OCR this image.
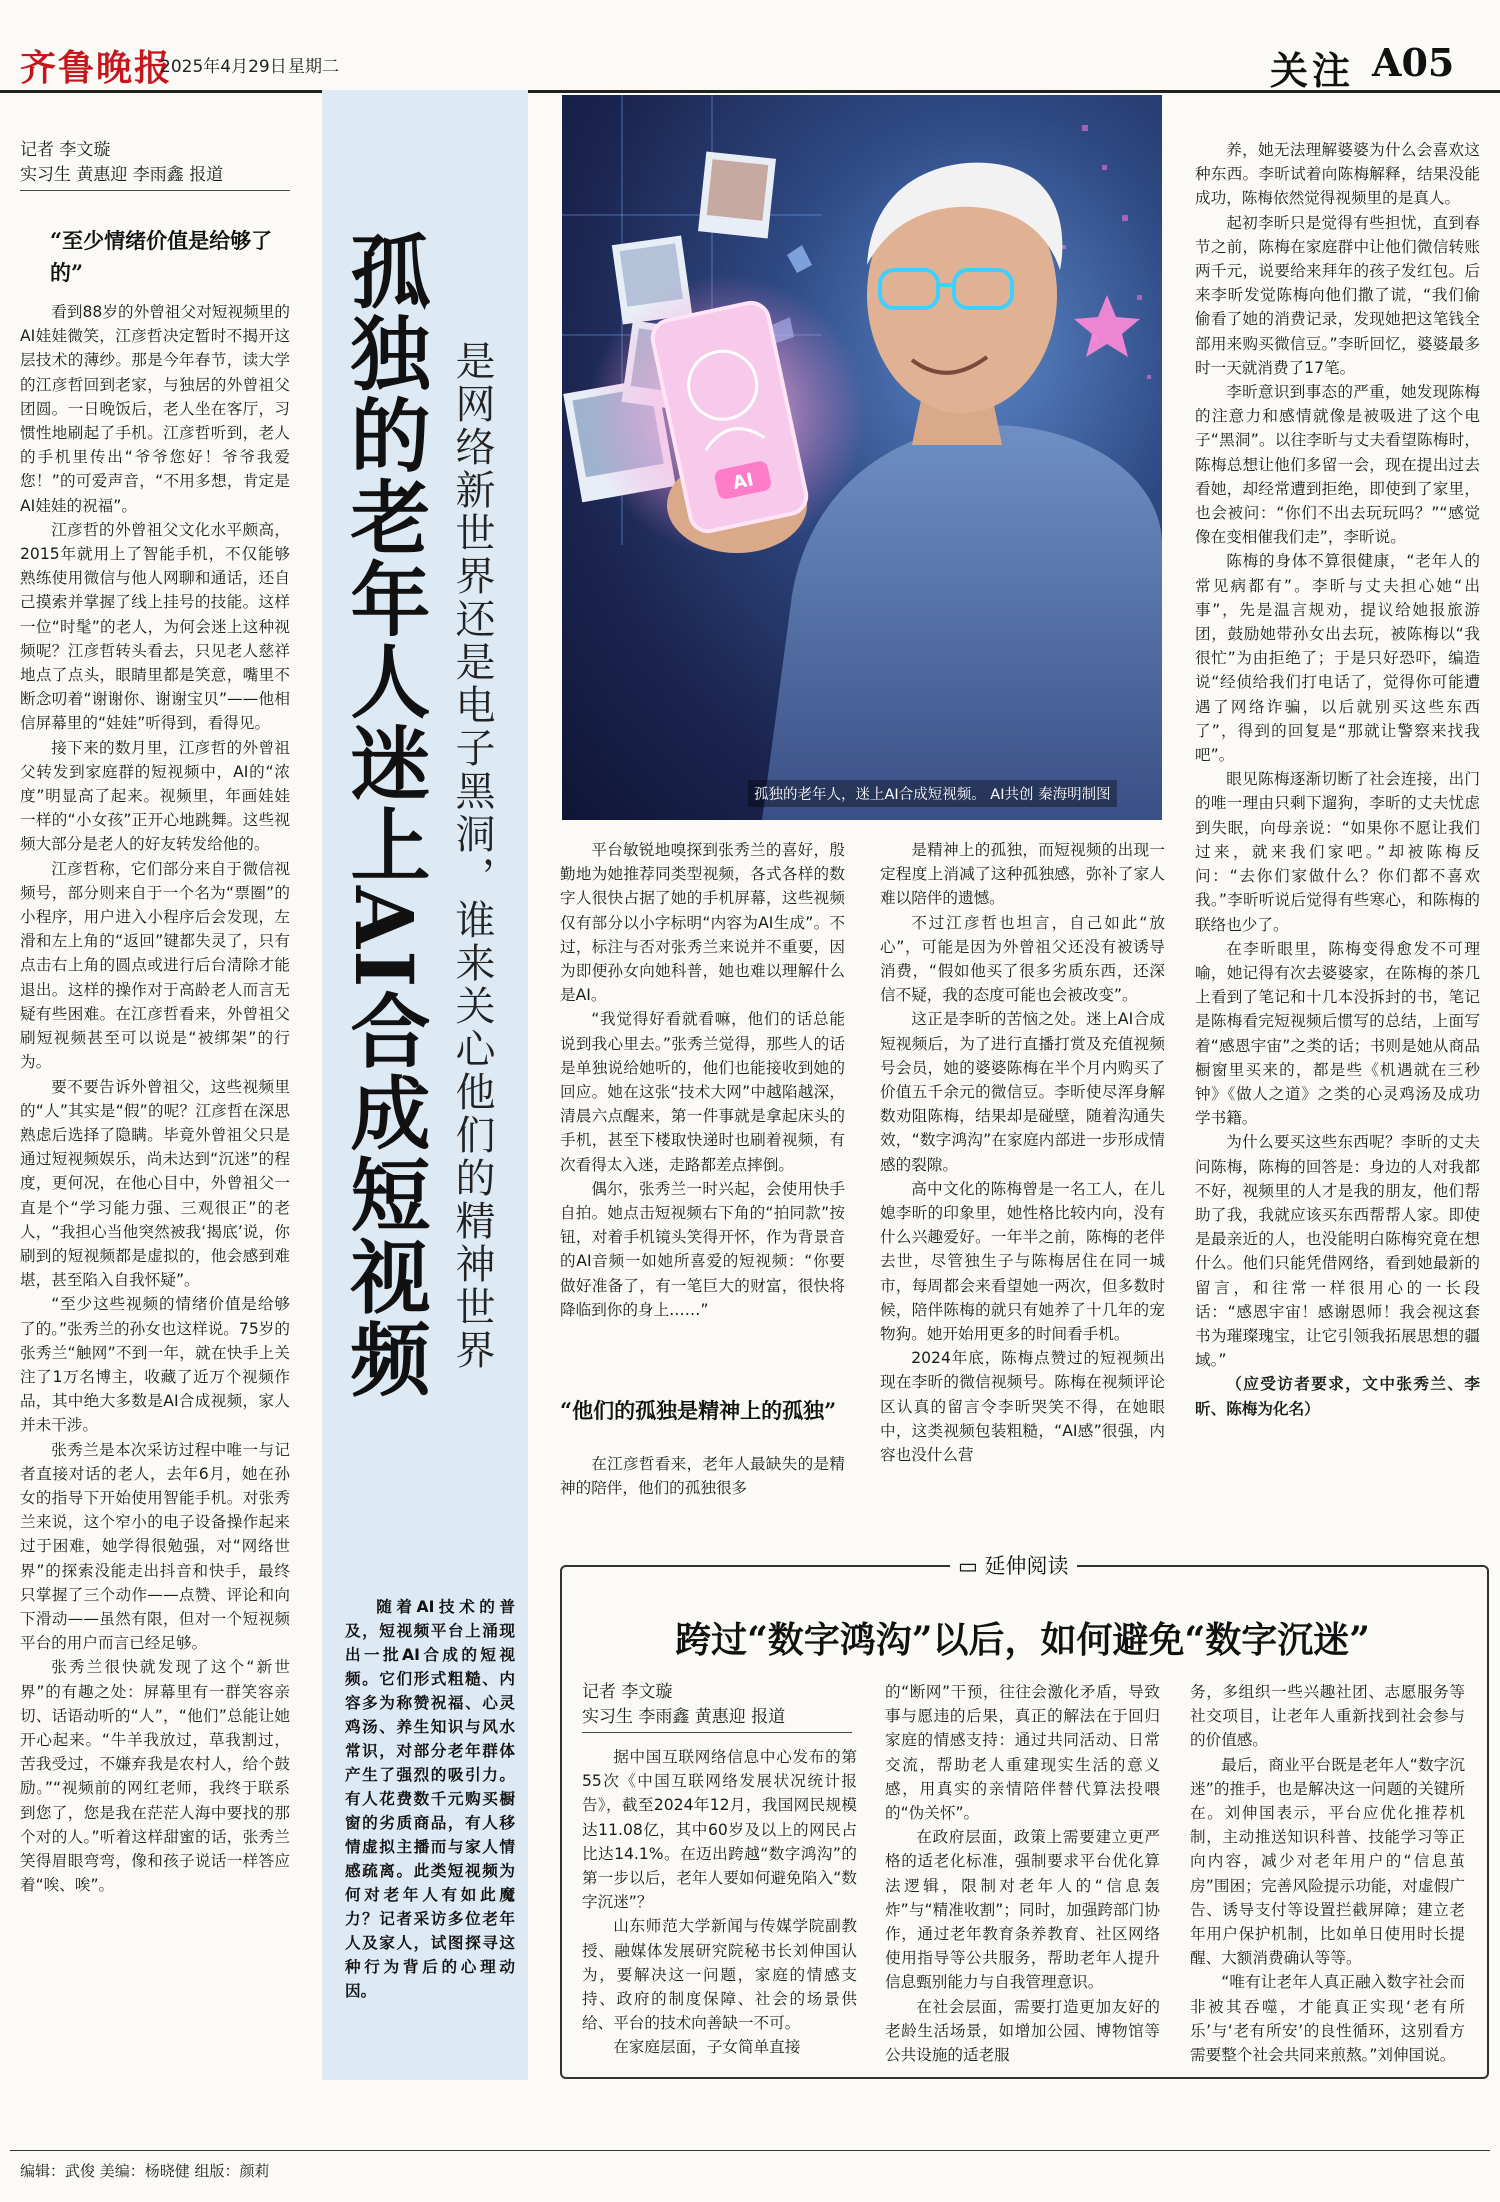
齐鲁晚报
2025年4月29日 星期二	关注 A05
记者 李文璇
实习生 黄惠迎 李雨鑫 报道
“至少情绪价值是给够了的”

看到88岁的外曾祖父对短视频里的AI娃娃微笑，江彦哲决定暂时不揭开这层技术的薄纱。那是今年春节，读大学的江彦哲回到老家，与独居的外曾祖父团圆。一日晚饭后，老人坐在客厅，习惯性地刷起了手机。江彦哲听到，老人的手机里传出“爷爷您好！爷爷我爱您！”的可爱声音，“不用多想，肯定是AI娃娃的祝福”。

江彦哲的外曾祖父文化水平颇高，2015年就用上了智能手机，不仅能够熟练使用微信与他人网聊和通话，还自己摸索并掌握了线上挂号的技能。这样一位“时髦”的老人，为何会迷上这种视频呢？江彦哲转头看去，只见老人慈祥地点了点头，眼睛里都是笑意，嘴里不断念叨着“谢谢你、谢谢宝贝”——他相信屏幕里的“娃娃”听得到，看得见。

接下来的数月里，江彦哲的外曾祖父转发到家庭群的短视频中，AI的“浓度”明显高了起来。视频里，年画娃娃一样的“小女孩”正开心地跳舞。这些视频大部分是老人的好友转发给他的。

江彦哲称，它们部分来自于微信视频号，部分则来自于一个名为“票圈”的小程序，用户进入小程序后会发现，左滑和左上角的“返回”键都失灵了，只有点击右上角的圆点或进行后台清除才能退出。这样的操作对于高龄老人而言无疑有些困难。在江彦哲看来，外曾祖父刷短视频甚至可以说是“被绑架”的行为。

要不要告诉外曾祖父，这些视频里的“人”其实是“假”的呢？江彦哲在深思熟虑后选择了隐瞒。毕竟外曾祖父只是通过短视频娱乐，尚未达到“沉迷”的程度，更何况，在他心目中，外曾祖父一直是个“学习能力强、三观很正”的老人，“我担心当他突然被我‘揭底’说，你刷到的短视频都是虚拟的，他会感到难堪，甚至陷入自我怀疑”。

“至少这些视频的情绪价值是给够了的。”张秀兰的孙女也这样说。75岁的张秀兰“触网”不到一年，就在快手上关注了1万名博主，收藏了近万个视频作品，其中绝大多数是AI合成视频，家人并未干涉。

张秀兰是本次采访过程中唯一与记者直接对话的老人，去年6月，她在孙女的指导下开始使用智能手机。对张秀兰来说，这个窄小的电子设备操作起来过于困难，她学得很勉强，对“网络世界”的探索没能走出抖音和快手，最终只掌握了三个动作——点赞、评论和向下滑动——虽然有限，但对一个短视频平台的用户而言已经足够。

张秀兰很快就发现了这个“新世界”的有趣之处：屏幕里有一群笑容亲切、话语动听的“人”，“他们”总能让她开心起来。“牛羊我放过，草我割过，苦我受过，不嫌弃我是农村人，给个鼓励。”“视频前的网红老师，我终于联系到您了，您是我在茫茫人海中要找的那个对的人。”听着这样甜蜜的话，张秀兰笑得眉眼弯弯，像和孩子说话一样答应着“唉、唉”。

孤独的老年人迷上AI合成短视频 是网络新世界还是电子黑洞，谁来关心他们的精神世界

随着AI技术的普及，短视频平台上涌现出一批AI合成的短视频。它们形式粗糙、内容多为称赞祝福、心灵鸡汤、养生知识与风水常识，对部分老年群体产生了强烈的吸引力。有人花费数千元购买橱窗的劣质商品，有人移情虚拟主播而与家人情感疏离。此类短视频为何对老年人有如此魔力？记者采访多位老年人及家人，试图探寻这种行为背后的心理动因。

AI
孤独的老年人，迷上AI合成短视频。 AI共创 秦海明制图

平台敏锐地嗅探到张秀兰的喜好，殷勤地为她推荐同类型视频，各式各样的数字人很快占据了她的手机屏幕，这些视频仅有部分以小字标明“内容为AI生成”。不过，标注与否对张秀兰来说并不重要，因为即便孙女向她科普，她也难以理解什么是AI。

“我觉得好看就看嘛，他们的话总能说到我心里去。”张秀兰觉得，那些人的话是单独说给她听的，他们也能接收到她的回应。她在这张“技术大网”中越陷越深，清晨六点醒来，第一件事就是拿起床头的手机，甚至下楼取快递时也刷着视频，有次看得太入迷，走路都差点摔倒。

偶尔，张秀兰一时兴起，会使用快手自拍。她点击短视频右下角的“拍同款”按钮，对着手机镜头笑得开怀，作为背景音的AI音频一如她所喜爱的短视频：“你要做好准备了，有一笔巨大的财富，很快将降临到你的身上……”

“他们的孤独是精神上的孤独”

在江彦哲看来，老年人最缺失的是精神的陪伴，他们的孤独很多

是精神上的孤独，而短视频的出现一定程度上消减了这种孤独感，弥补了家人难以陪伴的遗憾。

不过江彦哲也坦言，自己如此“放心”，可能是因为外曾祖父还没有被诱导消费，“假如他买了很多劣质东西，还深信不疑，我的态度可能也会被改变”。

这正是李昕的苦恼之处。迷上AI合成短视频后，为了进行直播打赏及充值视频号会员，她的婆婆陈梅在半个月内购买了价值五千余元的微信豆。李昕使尽浑身解数劝阻陈梅，结果却是碰壁，随着沟通失效，“数字鸿沟”在家庭内部进一步形成情感的裂隙。

高中文化的陈梅曾是一名工人，在儿媳李昕的印象里，她性格比较内向，没有什么兴趣爱好。一年半之前，陈梅的老伴去世，尽管独生子与陈梅居住在同一城市，每周都会来看望她一两次，但多数时候，陪伴陈梅的就只有她养了十几年的宠物狗。她开始用更多的时间看手机。

2024年底，陈梅点赞过的短视频出现在李昕的微信视频号。陈梅在视频评论区认真的留言令李昕哭笑不得，在她眼中，这类视频包装粗糙，“AI感”很强，内容也没什么营

养，她无法理解婆婆为什么会喜欢这种东西。李昕试着向陈梅解释，结果没能成功，陈梅依然觉得视频里的是真人。

起初李昕只是觉得有些担忧，直到春节之前，陈梅在家庭群中让他们微信转账两千元，说要给来拜年的孩子发红包。后来李昕发觉陈梅向他们撒了谎，“我们偷偷看了她的消费记录，发现她把这笔钱全部用来购买微信豆。”李昕回忆，婆婆最多时一天就消费了17笔。

李昕意识到事态的严重，她发现陈梅的注意力和感情就像是被吸进了这个电子“黑洞”。以往李昕与丈夫看望陈梅时，陈梅总想让他们多留一会，现在提出过去看她，却经常遭到拒绝，即使到了家里，也会被问：“你们不出去玩玩吗？”“感觉像在变相催我们走”，李昕说。

陈梅的身体不算很健康，“老年人的常见病都有”。李昕与丈夫担心她“出事”，先是温言规劝，提议给她报旅游团，鼓励她带孙女出去玩，被陈梅以“我很忙”为由拒绝了；于是只好恐吓，编造说“经侦给我们打电话了，觉得你可能遭遇了网络诈骗，以后就别买这些东西了”，得到的回复是“那就让警察来找我吧”。

眼见陈梅逐渐切断了社会连接，出门的唯一理由只剩下遛狗，李昕的丈夫忧虑到失眠，向母亲说：“如果你不愿让我们过来，就来我们家吧。”却被陈梅反问：“去你们家做什么？你们都不喜欢我。”李昕听说后觉得有些寒心，和陈梅的联络也少了。

在李昕眼里，陈梅变得愈发不可理喻，她记得有次去婆婆家，在陈梅的茶几上看到了笔记和十几本没拆封的书，笔记是陈梅看完短视频后惯写的总结，上面写着“感恩宇宙”之类的话；书则是她从商品橱窗里买来的，都是些《机遇就在三秒钟》《做人之道》之类的心灵鸡汤及成功学书籍。

为什么要买这些东西呢？李昕的丈夫问陈梅，陈梅的回答是：身边的人对我都不好，视频里的人才是我的朋友，他们帮助了我，我就应该买东西帮帮人家。即使是最亲近的人，也没能明白陈梅究竟在想什么。他们只能凭借网络，看到她最新的留言，和往常一样很用心的一长段话：“感恩宇宙！感谢恩师！我会视这套书为璀璨瑰宝，让它引领我拓展思想的疆域。”

（应受访者要求，文中张秀兰、李昕、陈梅为化名）

▭ 延伸阅读
跨过“数字鸿沟”以后，如何避免“数字沉迷”
记者 李文璇
实习生 李雨鑫 黄惠迎 报道

据中国互联网络信息中心发布的第55次《中国互联网络发展状况统计报告》，截至2024年12月，我国网民规模达11.08亿，其中60岁及以上的网民占比达14.1%。在迈出跨越“数字鸿沟”的第一步以后，老年人要如何避免陷入“数字沉迷”？

山东师范大学新闻与传媒学院副教授、融媒体发展研究院秘书长刘伸国认为，要解决这一问题，家庭的情感支持、政府的制度保障、社会的场景供给、平台的技术向善缺一不可。

在家庭层面，子女简单直接

的“断网”干预，往往会激化矛盾，导致事与愿违的后果，真正的解法在于回归家庭的情感支持：通过共同活动、日常交流，帮助老人重建现实生活的意义感，用真实的亲情陪伴替代算法投喂的“伪关怀”。

在政府层面，政策上需要建立更严格的适老化标准，强制要求平台优化算法逻辑，限制对老年人的“信息轰炸”与“精准收割”；同时，加强跨部门协作，通过老年教育条养教育、社区网络使用指导等公共服务，帮助老年人提升信息甄别能力与自我管理意识。

在社会层面，需要打造更加友好的老龄生活场景，如增加公园、博物馆等公共设施的适老服

务，多组织一些兴趣社团、志愿服务等社交项目，让老年人重新找到社会参与的价值感。

最后，商业平台既是老年人“数字沉迷”的推手，也是解决这一问题的关键所在。刘伸国表示，平台应优化推荐机制，主动推送知识科普、技能学习等正向内容，减少对老年用户的“信息茧房”围困；完善风险提示功能，对虚假广告、诱导支付等设置拦截屏障；建立老年用户保护机制，比如单日使用时长提醒、大额消费确认等等。

“唯有让老年人真正融入数字社会而非被其吞噬，才能真正实现‘老有所乐’与‘老有所安’的良性循环，这别看方需要整个社会共同来煎熬。”刘伸国说。

编辑：武俊 美编：杨晓健 组版：颜莉
